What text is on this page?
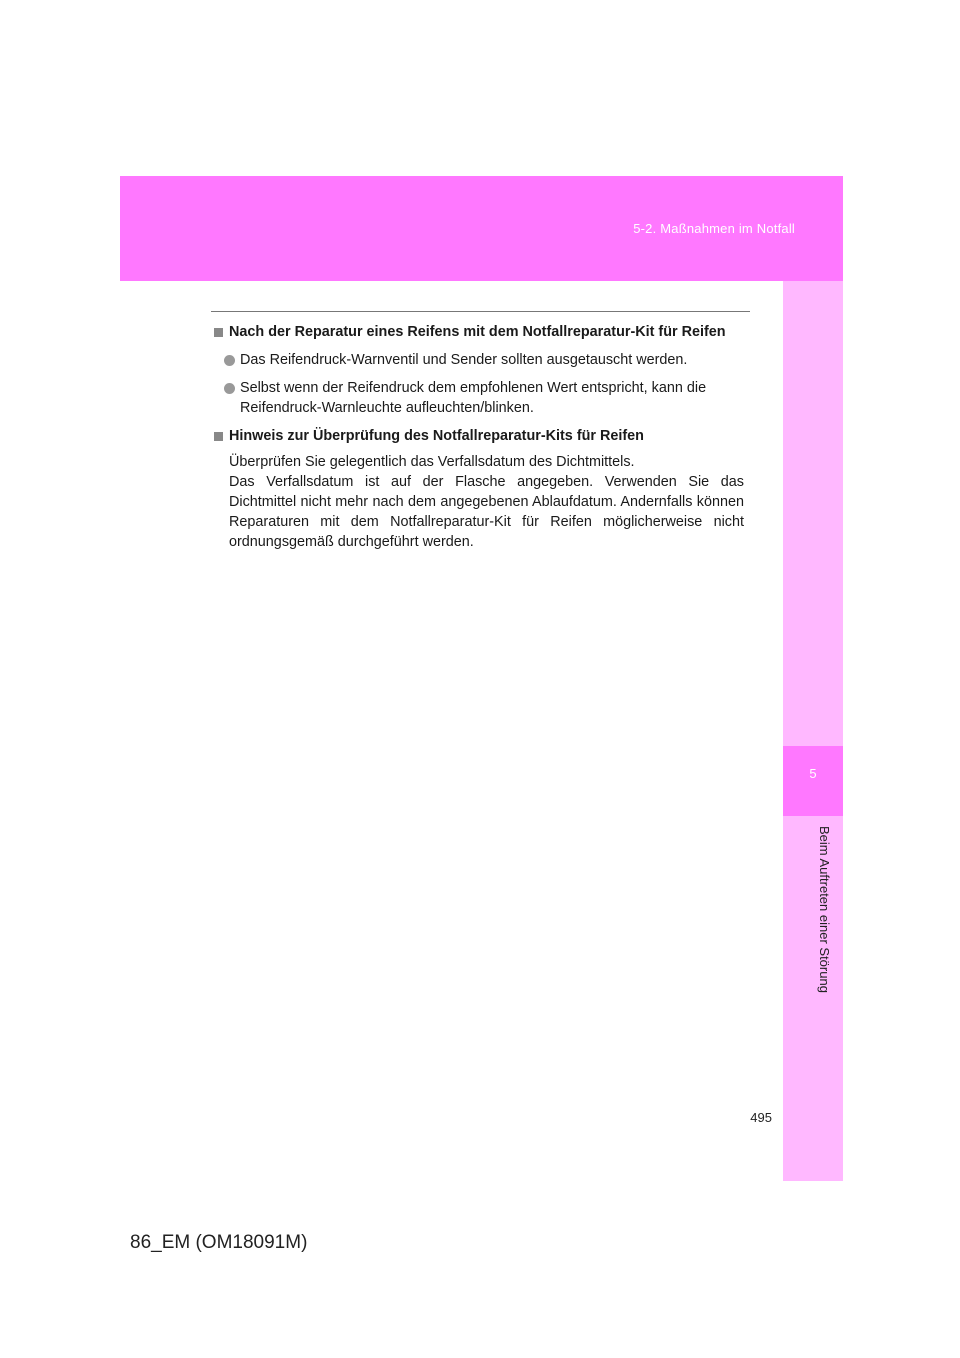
5-2. Maßnahmen im Notfall
5
Beim Auftreten einer Störung
Nach der Reparatur eines Reifens mit dem Notfallreparatur-Kit für Reifen
Das Reifendruck-Warnventil und Sender sollten ausgetauscht werden.
Selbst wenn der Reifendruck dem empfohlenen Wert entspricht, kann die Reifendruck-Warnleuchte aufleuchten/blinken.
Hinweis zur Überprüfung des Notfallreparatur-Kits für Reifen

Überprüfen Sie gelegentlich das Verfallsdatum des Dichtmittels.

Das Verfallsdatum ist auf der Flasche angegeben. Verwenden Sie das Dichtmittel nicht mehr nach dem angegebenen Ablaufdatum. Andernfalls können Reparaturen mit dem Notfallreparatur-Kit für Reifen möglicherweise nicht ordnungsgemäß durchgeführt werden.

495
86_EM (OM18091M)
